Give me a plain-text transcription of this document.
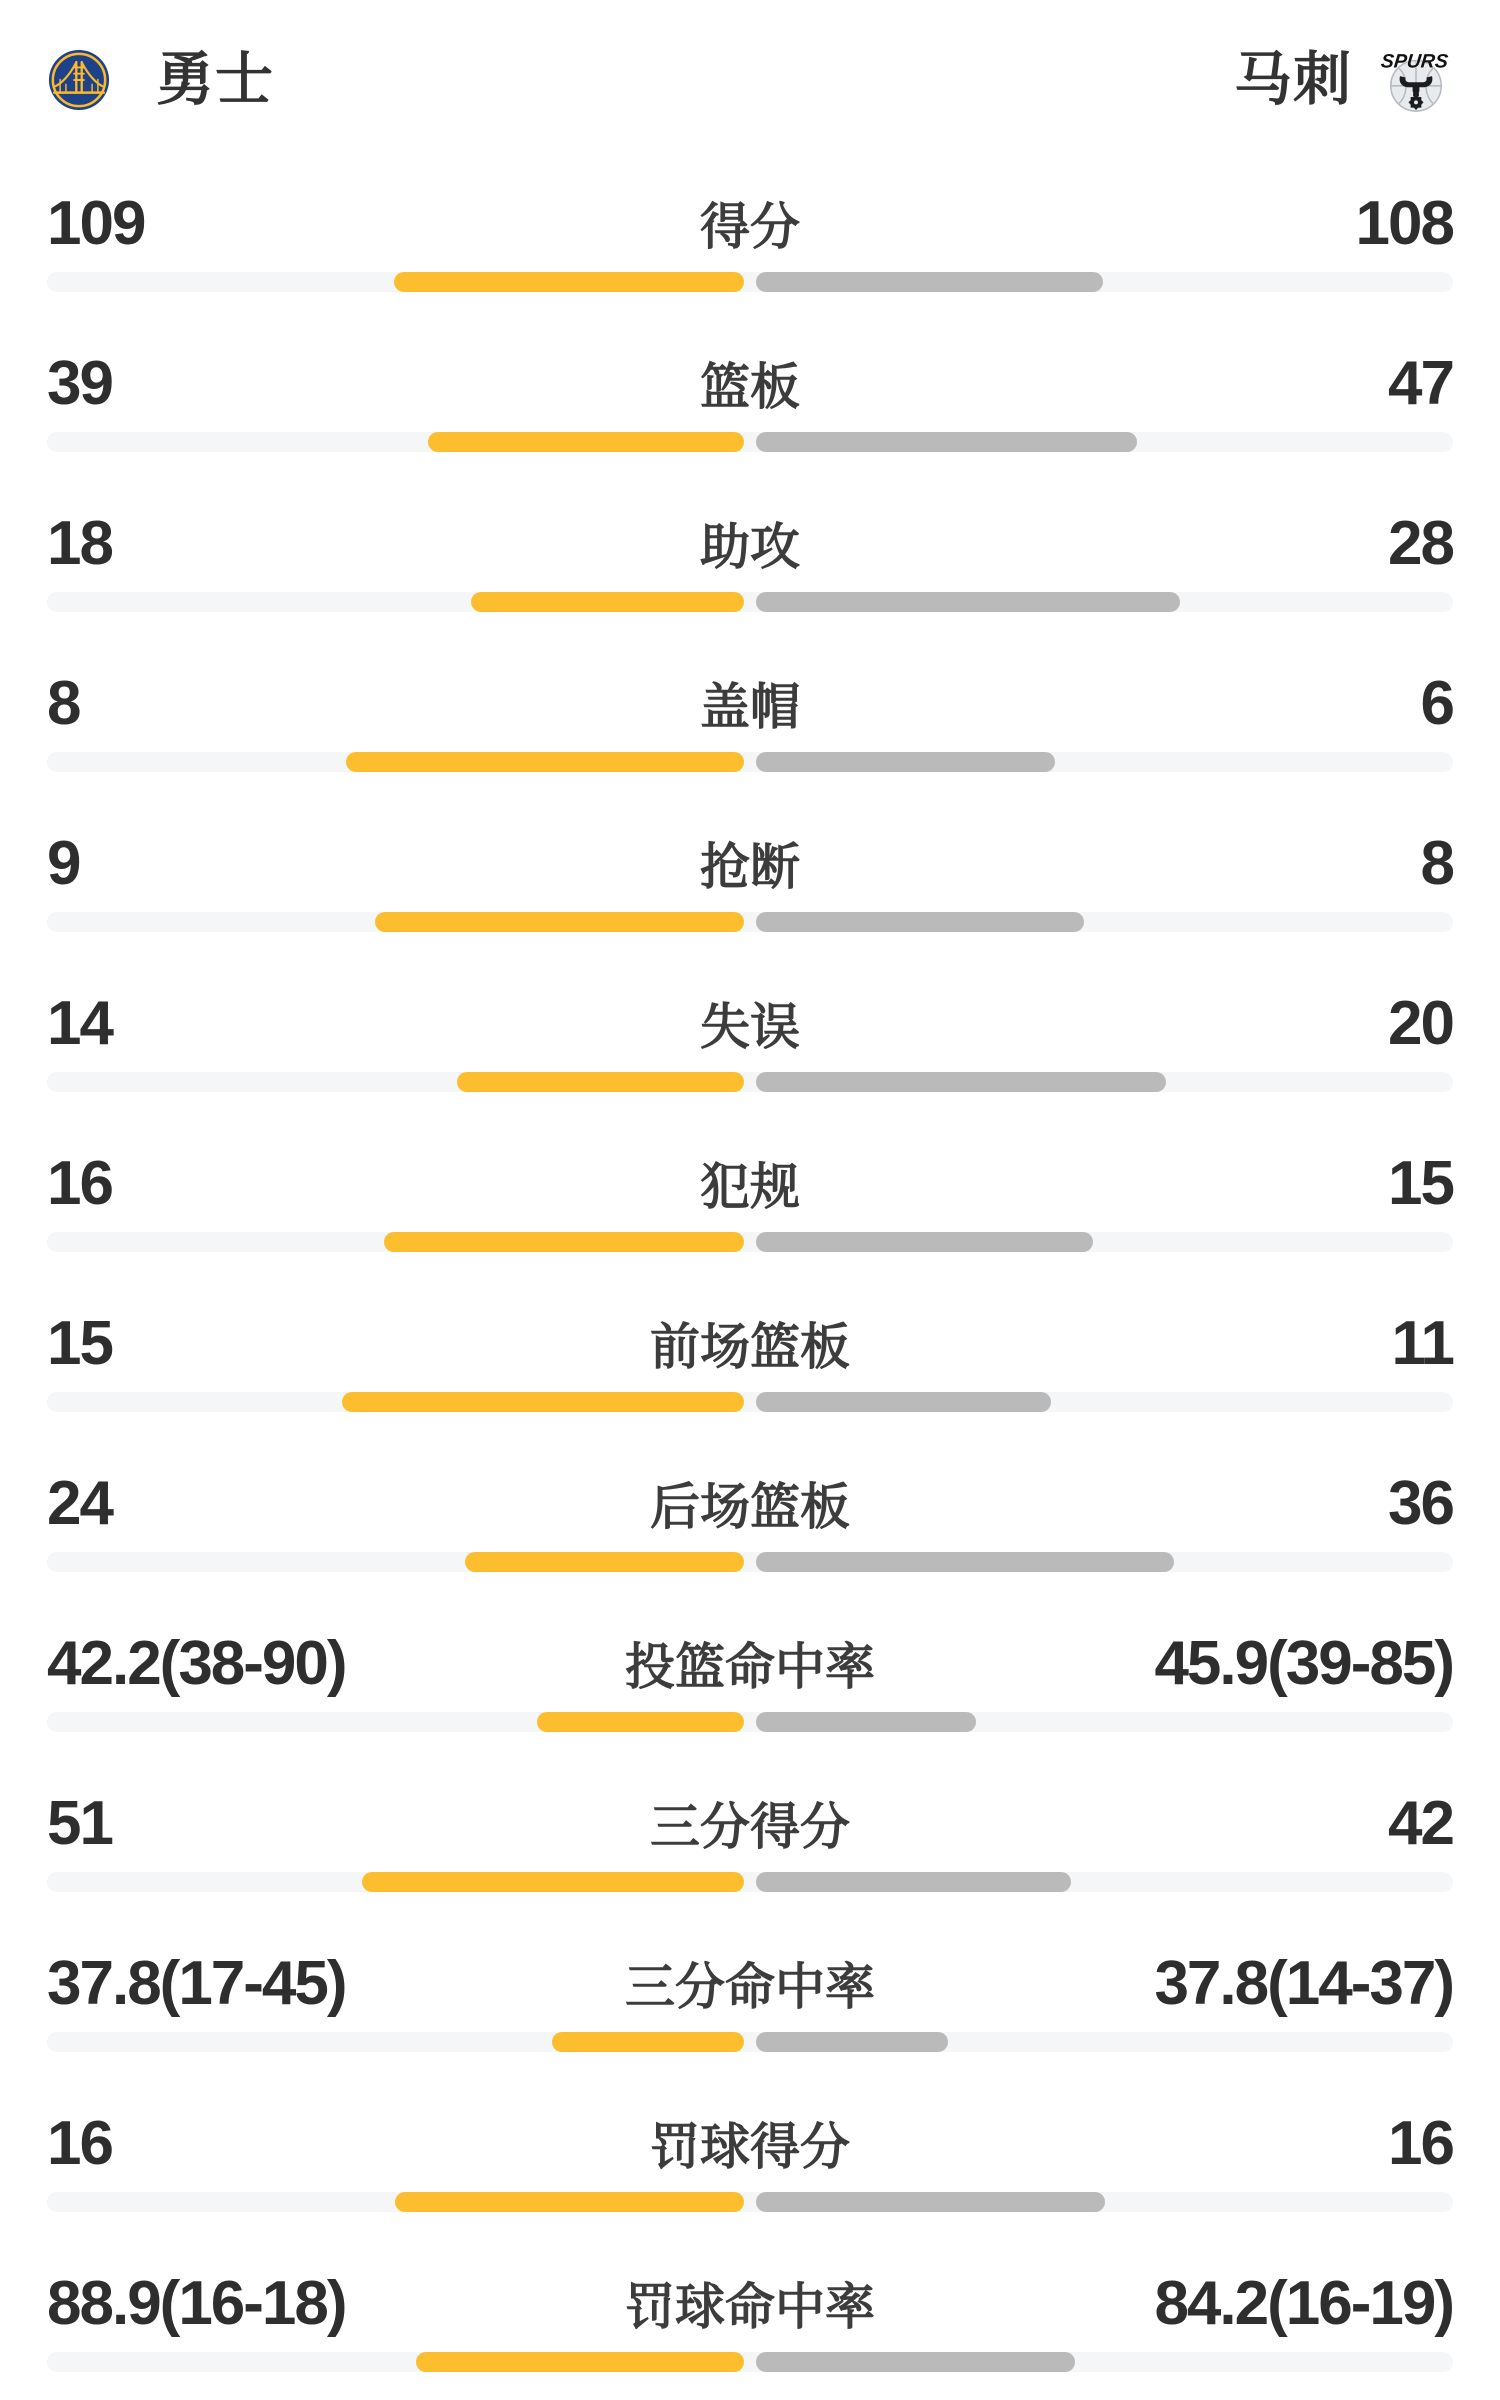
勇士	马刺 SPURS
109	得分	108
39	篮板	47
18	助攻	28
8	盖帽	6
9	抢断	8
14	失误	20
16	犯规	15
15	前场篮板	11
24	后场篮板	36
42.2(38-90)	投篮命中率	45.9(39-85)
51	三分得分	42
37.8(17-45)	三分命中率	37.8(14-37)
16	罚球得分	16
88.9(16-18)	罚球命中率	84.2(16-19)
